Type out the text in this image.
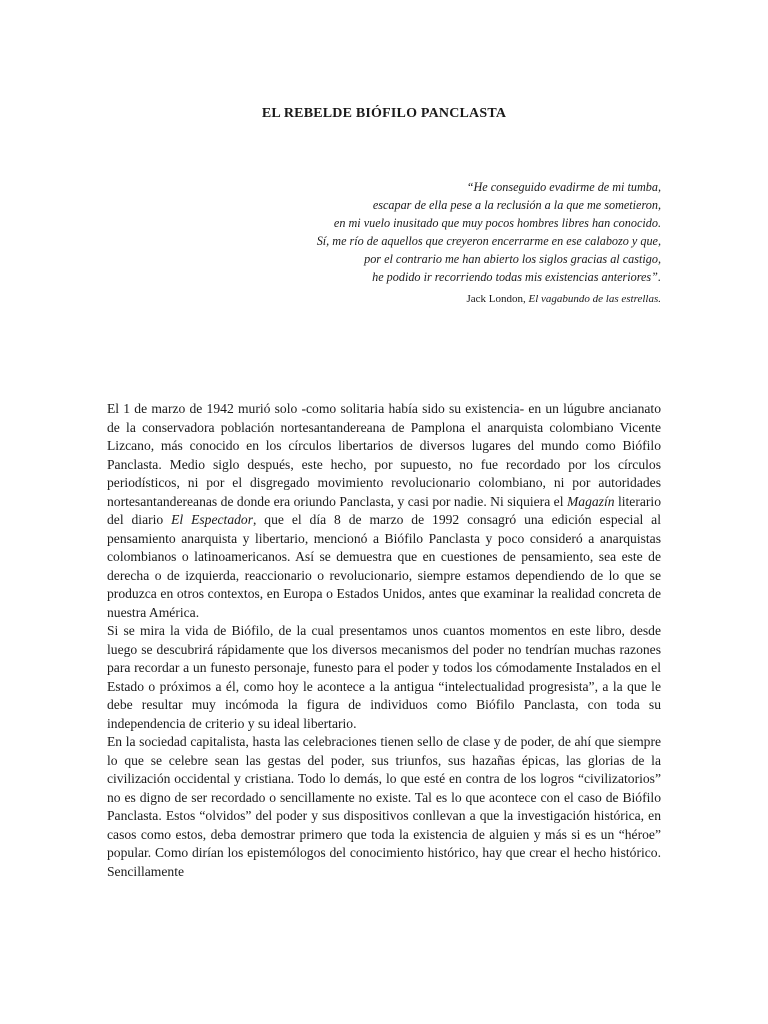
EL REBELDE BIÓFILO PANCLASTA
“He conseguido evadirme de mi tumba,
escapar de ella pese a la reclusión a la que me sometieron,
en mi vuelo inusitado que muy pocos hombres libres han conocido.
Sí, me río de aquellos que creyeron encerrarme en ese calabozo y que,
por el contrario me han abierto los siglos gracias al castigo,
he podido ir recorriendo todas mis existencias anteriores”.
Jack London, El vagabundo de las estrellas.

El 1 de marzo de 1942 murió solo -como solitaria había sido su existencia- en un lúgubre ancianato de la conservadora población nortesantandereana de Pamplona el anarquista colombiano Vicente Lizcano, más conocido en los círculos libertarios de diversos lugares del mundo como Biófilo Panclasta. Medio siglo después, este hecho, por supuesto, no fue recordado por los círculos periodísticos, ni por el disgregado movimiento revolucionario colombiano, ni por autoridades nortesantandereanas de donde era oriundo Panclasta, y casi por nadie. Ni siquiera el Magazín literario del diario El Espectador, que el día 8 de marzo de 1992 consagró una edición especial al pensamiento anarquista y libertario, mencionó a Biófilo Panclasta y poco consideró a anarquistas colombianos o latinoamericanos. Así se demuestra que en cuestiones de pensamiento, sea este de derecha o de izquierda, reaccionario o revolucionario, siempre estamos dependiendo de lo que se produzca en otros contextos, en Europa o Estados Unidos, antes que examinar la realidad concreta de nuestra América.

Si se mira la vida de Biófilo, de la cual presentamos unos cuantos momentos en este libro, desde luego se descubrirá rápidamente que los diversos mecanismos del poder no tendrían muchas razones para recordar a un funesto personaje, funesto para el poder y todos los cómodamente Instalados en el Estado o próximos a él, como hoy le acontece a la antigua “intelectualidad progresista”, a la que le debe resultar muy incómoda la figura de individuos como Biófilo Panclasta, con toda su independencia de criterio y su ideal libertario.

En la sociedad capitalista, hasta las celebraciones tienen sello de clase y de poder, de ahí que siempre lo que se celebre sean las gestas del poder, sus triunfos, sus hazañas épicas, las glorias de la civilización occidental y cristiana. Todo lo demás, lo que esté en contra de los logros “civilizatorios” no es digno de ser recordado o sencillamente no existe. Tal es lo que acontece con el caso de Biófilo Panclasta. Estos “olvidos” del poder y sus dispositivos conllevan a que la investigación histórica, en casos como estos, deba demostrar primero que toda la existencia de alguien y más si es un “héroe” popular. Como dirían los epistemólogos del conocimiento histórico, hay que crear el hecho histórico. Sencillamente
